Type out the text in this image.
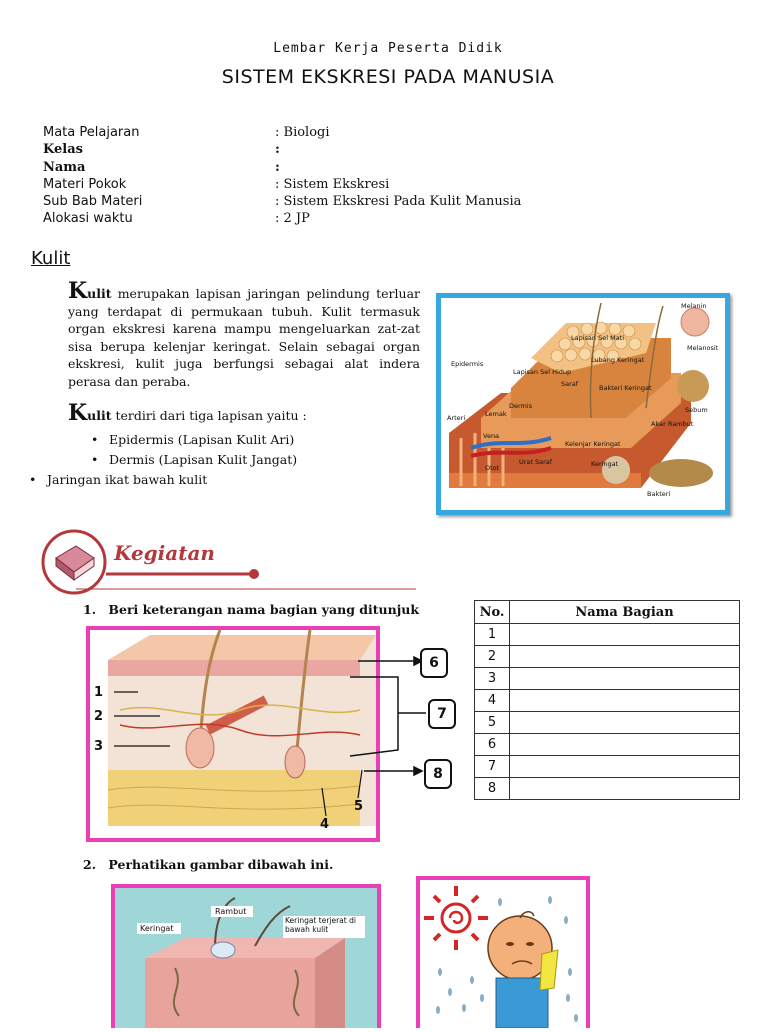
Lembar Kerja Peserta Didik
SISTEM EKSKRESI PADA MANUSIA
Mata Pelajaran	: Biologi
Kelas	:
Nama	:
Materi Pokok	: Sistem Ekskresi
Sub Bab Materi	: Sistem Ekskresi Pada Kulit Manusia
Alokasi waktu	: 2 JP
Kulit
Kulit merupakan lapisan jaringan pelindung terluar yang terdapat di permukaan tubuh. Kulit termasuk organ ekskresi karena mampu mengeluarkan zat-zat sisa berupa kelenjar keringat. Selain sebagai organ ekskresi, kulit juga berfungsi sebagai alat indera perasa dan peraba.
Kulit terdiri dari tiga lapisan yaitu :
• Epidermis (Lapisan Kulit Ari)
• Dermis (Lapisan Kulit Jangat)
• Jaringan ikat bawah kulit
Melanin
Lapisan Sel Mati
Melanosit
Lubang Keringat
Epidermis
Lapisan Sel Hidup
Saraf	Bakteri Keringat
Arteri	Lemak
Dermis	Sebum
Vena
Akar Rambut
Kelenjar Keringat
Otot
Urat Saraf	Keringat
Bakteri
Kegiatan
1. Beri keterangan nama bagian yang ditunjuk
1
2
3
4
5
6
7
8
No.	Nama Bagian
1	
2	
3	
4	
5	
6	
7	
8	
2. Perhatikan gambar dibawah ini.
Rambut
Keringat
Keringat terjerat di bawah kulit
